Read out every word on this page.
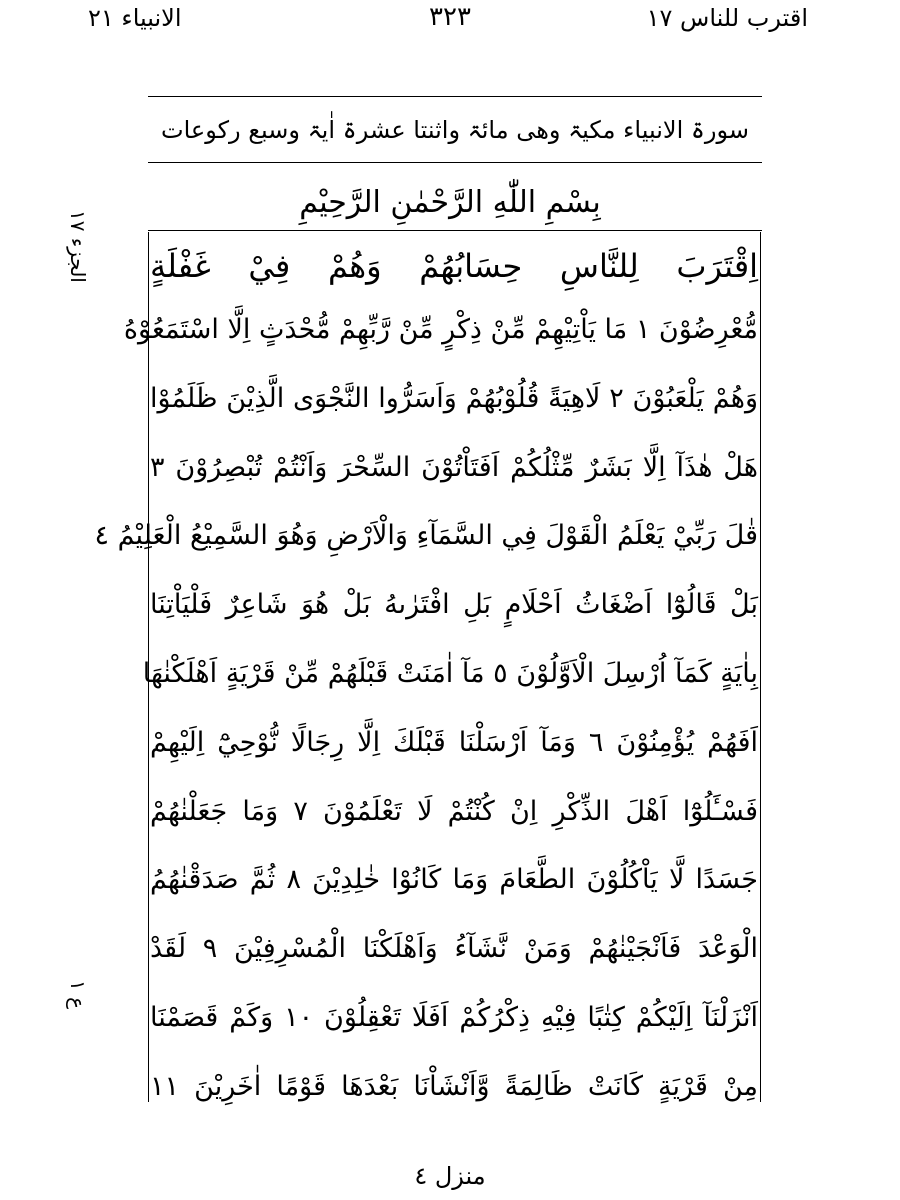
اقترب للناس ١٧
٣٢٣
الانبياء ٢١
سورۃ الانبیاء مکیۃ وھی مائۃ واثنتا عشرۃ اٰیۃ وسبع رکوعات
بِسْمِ اللّٰهِ الرَّحْمٰنِ الرَّحِيْمِ
الجزء ١٧
ع ١
اِقْتَرَبَ لِلنَّاسِ حِسَابُهُمْ وَهُمْ فِيْ غَفْلَةٍ
مُّعْرِضُوْنَ ١ مَا يَاْتِيْهِمْ مِّنْ ذِكْرٍ مِّنْ رَّبِّهِمْ مُّحْدَثٍ اِلَّا اسْتَمَعُوْهُ
وَهُمْ يَلْعَبُوْنَ ٢ لَاهِيَةً قُلُوْبُهُمْ وَاَسَرُّوا النَّجْوَى الَّذِيْنَ ظَلَمُوْا
هَلْ هٰذَآ اِلَّا بَشَرٌ مِّثْلُكُمْ اَفَتَاْتُوْنَ السِّحْرَ وَاَنْتُمْ تُبْصِرُوْنَ ٣
قٰلَ رَبِّيْ يَعْلَمُ الْقَوْلَ فِي السَّمَآءِ وَالْاَرْضِ وَهُوَ السَّمِيْعُ الْعَلِيْمُ ٤
بَلْ قَالُوْٓا اَضْغَاثُ اَحْلَامٍ بَلِ افْتَرٰىهُ بَلْ هُوَ شَاعِرٌ فَلْيَاْتِنَا
بِاٰيَةٍ كَمَآ اُرْسِلَ الْاَوَّلُوْنَ ٥ مَآ اٰمَنَتْ قَبْلَهُمْ مِّنْ قَرْيَةٍ اَهْلَكْنٰهَا
اَفَهُمْ يُؤْمِنُوْنَ ٦ وَمَآ اَرْسَلْنَا قَبْلَكَ اِلَّا رِجَالًا نُّوْحِيْٓ اِلَيْهِمْ
فَسْـَٔلُوْٓا اَهْلَ الذِّكْرِ اِنْ كُنْتُمْ لَا تَعْلَمُوْنَ ٧ وَمَا جَعَلْنٰهُمْ
جَسَدًا لَّا يَاْكُلُوْنَ الطَّعَامَ وَمَا كَانُوْا خٰلِدِيْنَ ٨ ثُمَّ صَدَقْنٰهُمُ
الْوَعْدَ فَاَنْجَيْنٰهُمْ وَمَنْ نَّشَآءُ وَاَهْلَكْنَا الْمُسْرِفِيْنَ ٩ لَقَدْ
اَنْزَلْنَآ اِلَيْكُمْ كِتٰبًا فِيْهِ ذِكْرُكُمْ اَفَلَا تَعْقِلُوْنَ ١٠ وَكَمْ قَصَمْنَا
مِنْ قَرْيَةٍ كَانَتْ ظَالِمَةً وَّاَنْشَاْنَا بَعْدَهَا قَوْمًا اٰخَرِيْنَ ١١
منزل ٤
